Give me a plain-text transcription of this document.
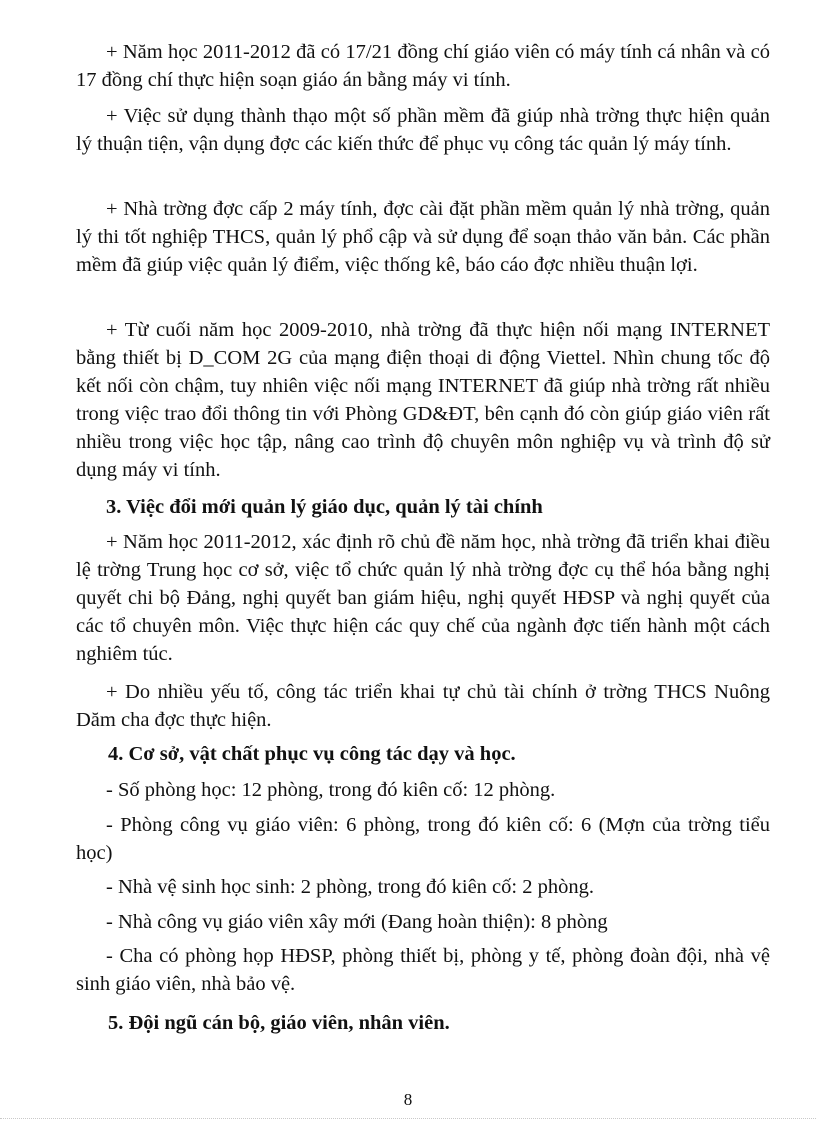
+ Năm học 2011-2012 đã có 17/21 đồng chí giáo viên có máy tính cá nhân và có 17 đồng chí thực hiện soạn giáo án bằng máy vi tính.

+ Việc sử dụng thành thạo một số phần mềm đã giúp nhà trờng thực hiện quản lý thuận tiện, vận dụng đợc các kiến thức để phục vụ công tác quản lý máy tính.

+ Nhà trờng đợc cấp 2 máy tính, đợc cài đặt phần mềm quản lý nhà trờng, quản lý thi tốt nghiệp THCS, quản lý phổ cập và sử dụng để soạn thảo văn bản. Các phần mềm đã giúp việc quản lý điểm, việc thống kê, báo cáo đợc nhiều thuận lợi.

+ Từ cuối năm học 2009-2010, nhà trờng đã thực hiện nối mạng INTERNET bằng thiết bị D_COM 2G của mạng điện thoại di động Viettel. Nhìn chung tốc độ kết nối còn chậm, tuy nhiên việc nối mạng INTERNET đã giúp nhà trờng rất nhiều trong việc trao đổi thông tin với Phòng GD&ĐT, bên cạnh đó còn giúp giáo viên rất nhiều trong việc học tập, nâng cao trình độ chuyên môn nghiệp vụ và trình độ sử dụng máy vi tính.

3. Việc đổi mới quản lý giáo dục, quản lý tài chính

+ Năm học 2011-2012, xác định rõ chủ đề năm học, nhà trờng đã triển khai điều lệ trờng Trung học cơ sở, việc tổ chức quản lý nhà trờng đợc cụ thể hóa bằng nghị quyết chi bộ Đảng, nghị quyết ban giám hiệu, nghị quyết HĐSP và nghị quyết của các tổ chuyên môn. Việc thực hiện các quy chế của ngành đợc tiến hành một cách nghiêm túc.

+ Do nhiều yếu tố, công tác triển khai tự chủ tài chính ở trờng THCS Nuông Dăm cha đợc thực hiện.

4. Cơ sở, vật chất phục vụ công tác dạy và học.

- Số phòng học: 12 phòng, trong đó kiên cố: 12 phòng.

- Phòng công vụ giáo viên: 6 phòng, trong đó kiên cố: 6 (Mợn của trờng tiểu học)

- Nhà vệ sinh học sinh: 2 phòng, trong đó kiên cố: 2 phòng.

- Nhà công vụ giáo viên xây mới (Đang hoàn thiện): 8 phòng

- Cha có phòng họp HĐSP, phòng thiết bị, phòng y tế, phòng đoàn đội, nhà vệ sinh giáo viên, nhà bảo vệ.

5. Đội ngũ cán bộ, giáo viên, nhân viên.

8
